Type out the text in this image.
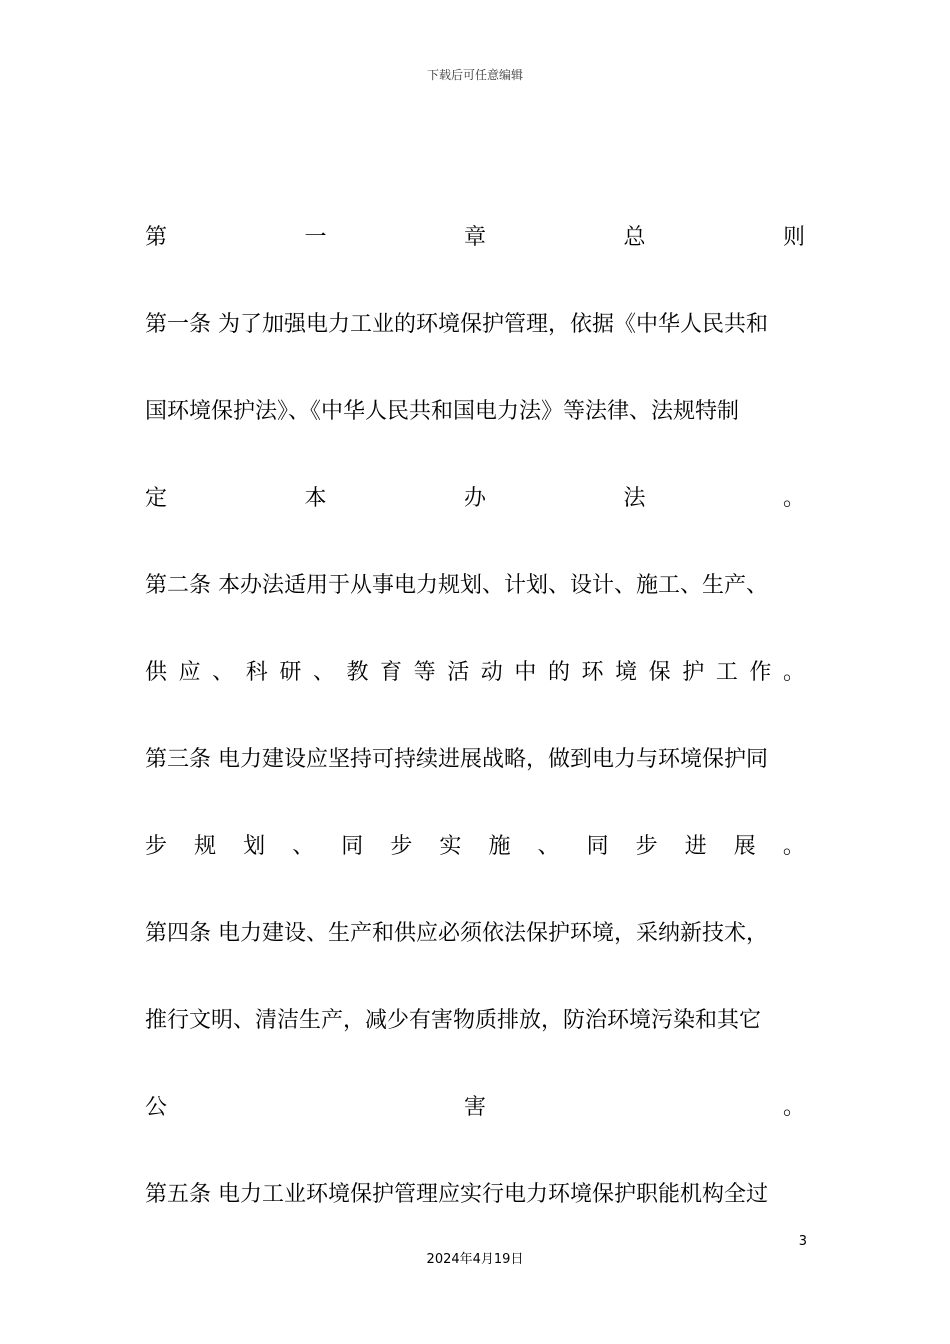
下载后可任意编辑
第	一	章	总	则
第一条 为了加强电力工业的环境保护管理，依据《中华人民共和
国环境保护法》、《中华人民共和国电力法》等法律、法规特制
定	本	办	法	。
第二条 本办法适用于从事电力规划、计划、设计、施工、生产、
供 应 、 科 研 、 教 育 等 活 动 中 的 环 境 保 护 工 作 。
第三条 电力建设应坚持可持续进展战略，做到电力与环境保护同
步 规 划 、 同 步 实 施 、 同 步 进 展 。
第四条 电力建设、生产和供应必须依法保护环境，采纳新技术，
推行文明、清洁生产，减少有害物质排放，防治环境污染和其它
公	害	。
第五条 电力工业环境保护管理应实行电力环境保护职能机构全过
3
2024年4月19日
